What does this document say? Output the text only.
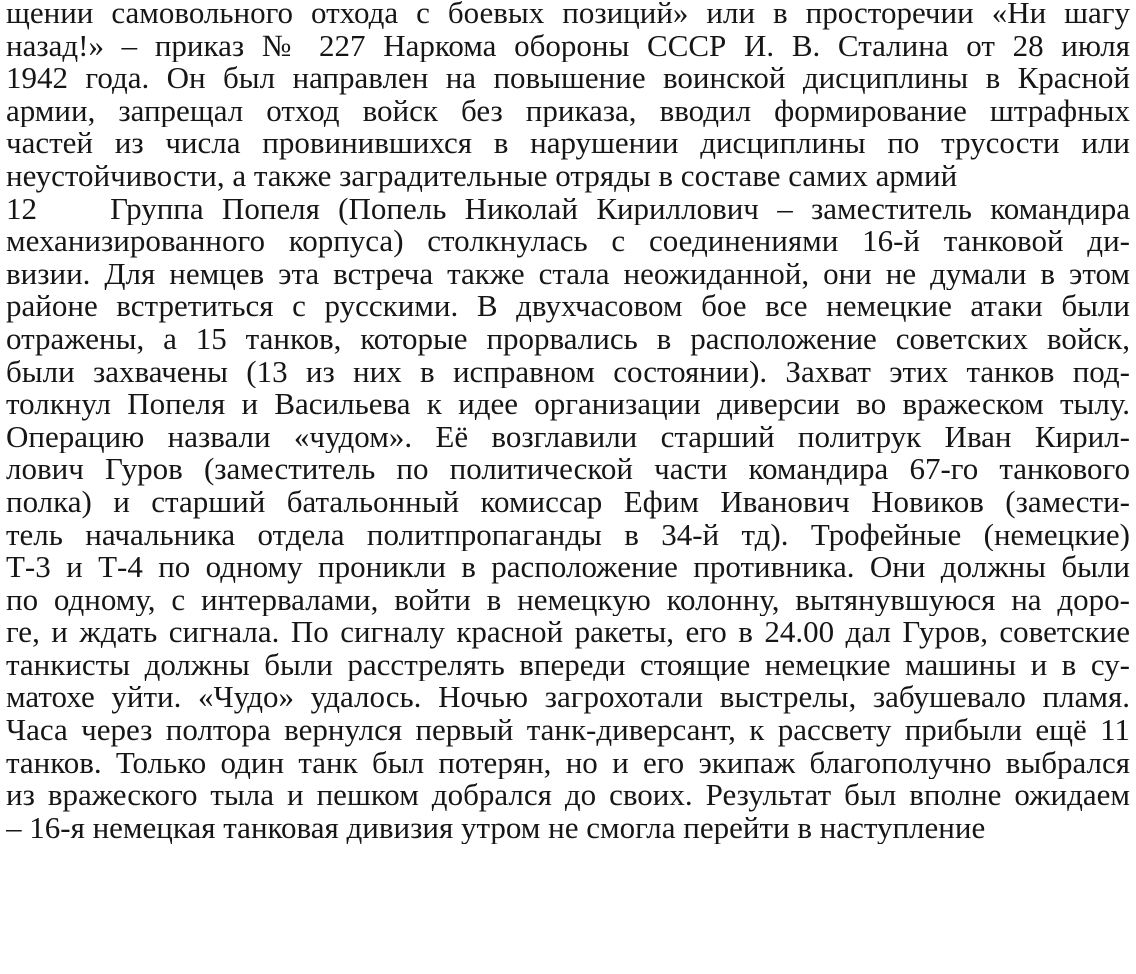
щении самовольного отхода с боевых позиций» или в просторечии «Ни шагу
назад!» – приказ № 227 Наркома обороны СССР И. В. Сталина от 28 июля
1942 года. Он был направлен на повышение воинской дисциплины в Красной
армии, запрещал отход войск без приказа, вводил формирование штрафных
частей из числа провинившихся в нарушении дисциплины по трусости или
неустойчивости, а также заградительные отряды в составе самих армий
12    Группа Попеля (Попель Николай Кириллович – заместитель командира
механизированного корпуса) столкнулась с соединениями 16-й танковой ди-
визии. Для немцев эта встреча также стала неожиданной, они не думали в этом
районе встретиться с русскими. В двухчасовом бое все немецкие атаки были
отражены, а 15 танков, которые прорвались в расположение советских войск,
были захвачены (13 из них в исправном состоянии). Захват этих танков под-
толкнул Попеля и Васильева к идее организации диверсии во вражеском тылу.
Операцию назвали «чудом». Её возглавили старший политрук Иван Кирил-
лович Гуров (заместитель по политической части командира 67-го танкового
полка) и старший батальонный комиссар Ефим Иванович Новиков (замести-
тель начальника отдела политпропаганды в 34-й тд). Трофейные (немецкие)
Т-3 и Т-4 по одному проникли в расположение противника. Они должны были
по одному, с интервалами, войти в немецкую колонну, вытянувшуюся на доро-
ге, и ждать сигнала. По сигналу красной ракеты, его в 24.00 дал Гуров, советские
танкисты должны были расстрелять впереди стоящие немецкие машины и в су-
матохе уйти. «Чудо» удалось. Ночью загрохотали выстрелы, забушевало пламя.
Часа через полтора вернулся первый танк-диверсант, к рассвету прибыли ещё 11
танков. Только один танк был потерян, но и его экипаж благополучно выбрался
из вражеского тыла и пешком добрался до своих. Результат был вполне ожидаем
– 16-я немецкая танковая дивизия утром не смогла перейти в наступление
